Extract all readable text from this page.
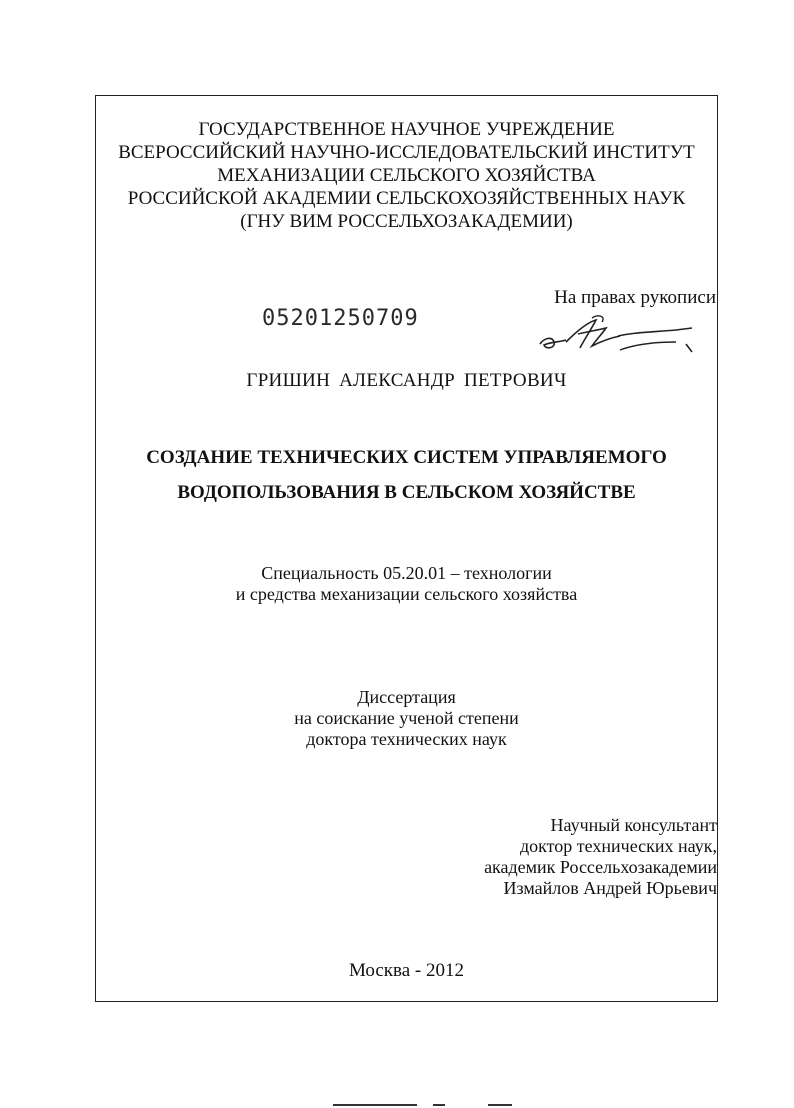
ГОСУДАРСТВЕННОЕ НАУЧНОЕ УЧРЕЖДЕНИЕ
ВСЕРОССИЙСКИЙ НАУЧНО-ИССЛЕДОВАТЕЛЬСКИЙ ИНСТИТУТ
МЕХАНИЗАЦИИ СЕЛЬСКОГО ХОЗЯЙСТВА
РОССИЙСКОЙ АКАДЕМИИ СЕЛЬСКОХОЗЯЙСТВЕННЫХ НАУК
(ГНУ ВИМ РОССЕЛЬХОЗАКАДЕМИИ)
На правах рукописи
05201250709
ГРИШИН АЛЕКСАНДР ПЕТРОВИЧ
СОЗДАНИЕ ТЕХНИЧЕСКИХ СИСТЕМ УПРАВЛЯЕМОГО
ВОДОПОЛЬЗОВАНИЯ В СЕЛЬСКОМ ХОЗЯЙСТВЕ
Специальность 05.20.01 – технологии
и средства механизации сельского хозяйства
Диссертация
на соискание ученой степени
доктора технических наук
Научный консультант
доктор технических наук,
академик Россельхозакадемии
Измайлов Андрей Юрьевич
Москва - 2012
